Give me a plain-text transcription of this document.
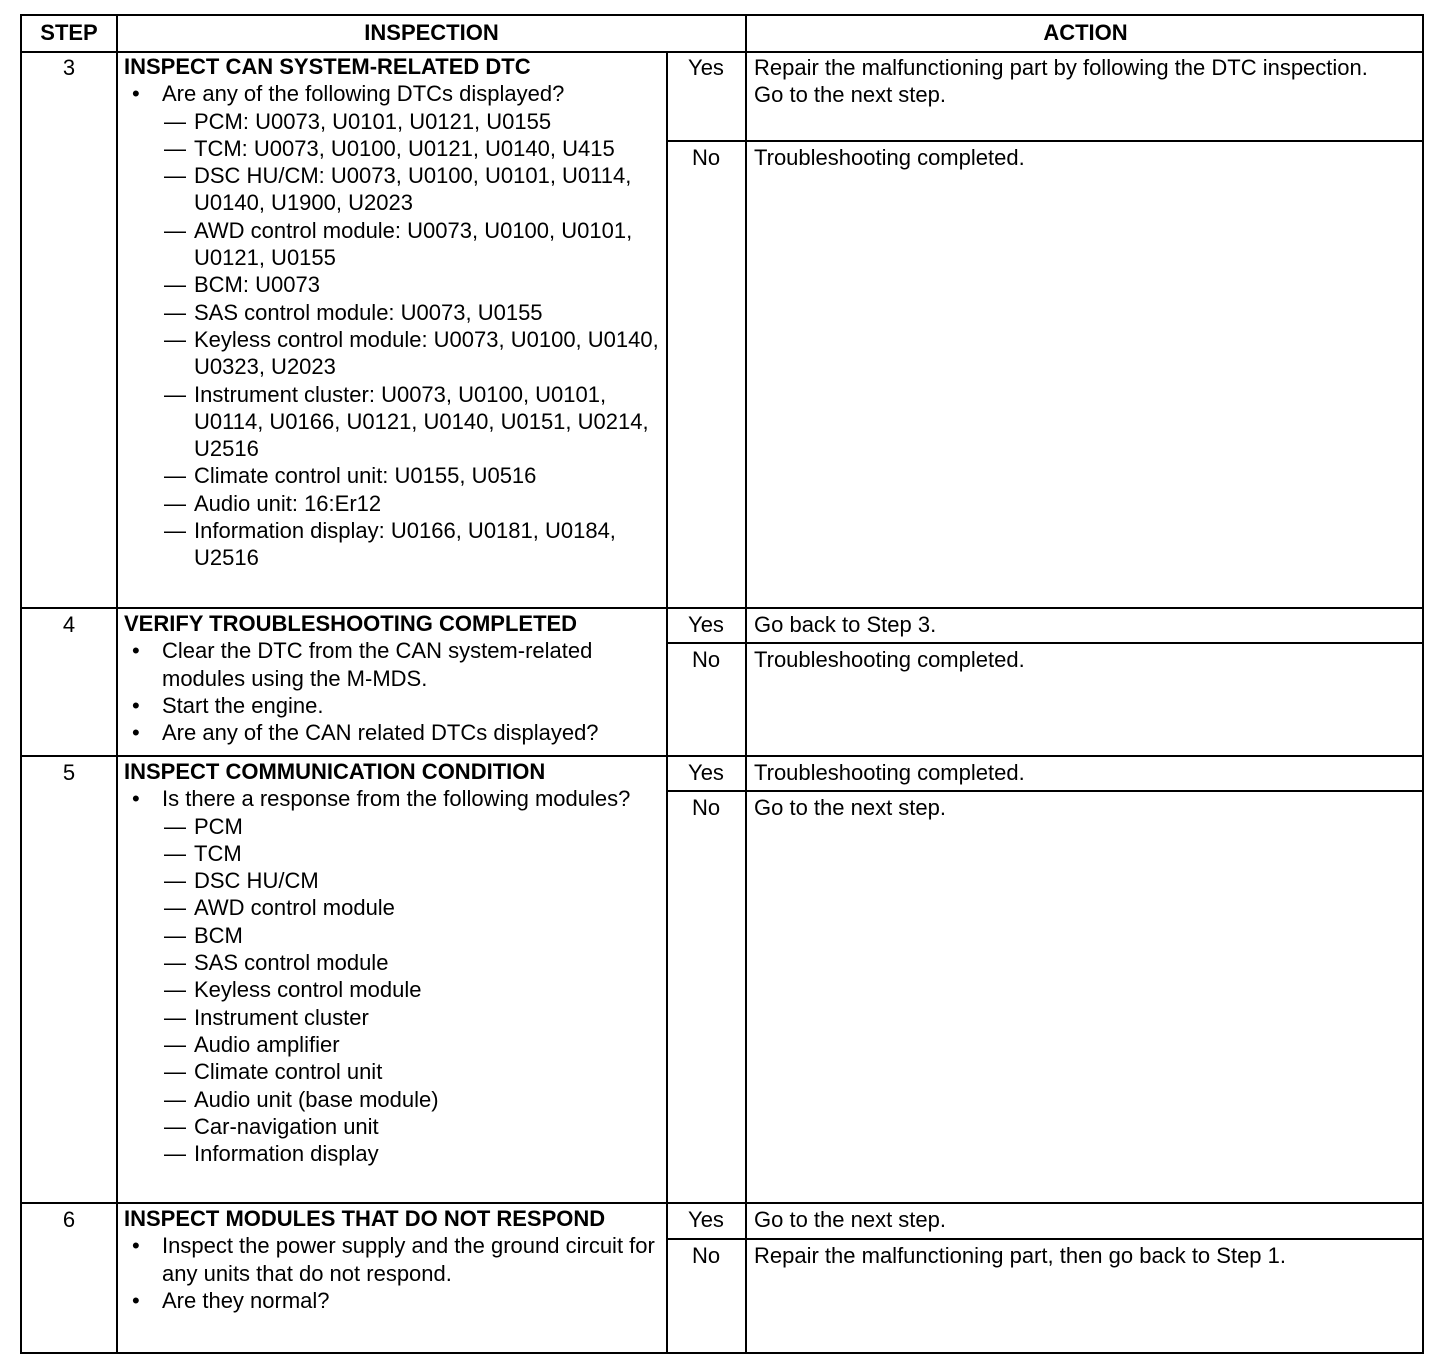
STEP	INSPECTION	ACTION
3	INSPECT CAN SYSTEM-RELATED DTC
• Are any of the following DTCs displayed?
— PCM: U0073, U0101, U0121, U0155
— TCM: U0073, U0100, U0121, U0140, U415
— DSC HU/CM: U0073, U0100, U0101, U0114, U0140, U1900, U2023
— AWD control module: U0073, U0100, U0101, U0121, U0155
— BCM: U0073
— SAS control module: U0073, U0155
— Keyless control module: U0073, U0100, U0140, U0323, U2023
— Instrument cluster: U0073, U0100, U0101, U0114, U0166, U0121, U0140, U0151, U0214, U2516
— Climate control unit: U0155, U0516
— Audio unit: 16:Er12
— Information display: U0166, U0181, U0184, U2516
Yes	Repair the malfunctioning part by following the DTC inspection.
Go to the next step.
No	Troubleshooting completed.
4	VERIFY TROUBLESHOOTING COMPLETED
• Clear the DTC from the CAN system-related modules using the M-MDS.
• Start the engine.
• Are any of the CAN related DTCs displayed?
Yes	Go back to Step 3.
No	Troubleshooting completed.
5	INSPECT COMMUNICATION CONDITION
• Is there a response from the following modules?
— PCM
— TCM
— DSC HU/CM
— AWD control module
— BCM
— SAS control module
— Keyless control module
— Instrument cluster
— Audio amplifier
— Climate control unit
— Audio unit (base module)
— Car-navigation unit
— Information display
Yes	Troubleshooting completed.
No	Go to the next step.
6	INSPECT MODULES THAT DO NOT RESPOND
• Inspect the power supply and the ground circuit for any units that do not respond.
• Are they normal?
Yes	Go to the next step.
No	Repair the malfunctioning part, then go back to Step 1.
